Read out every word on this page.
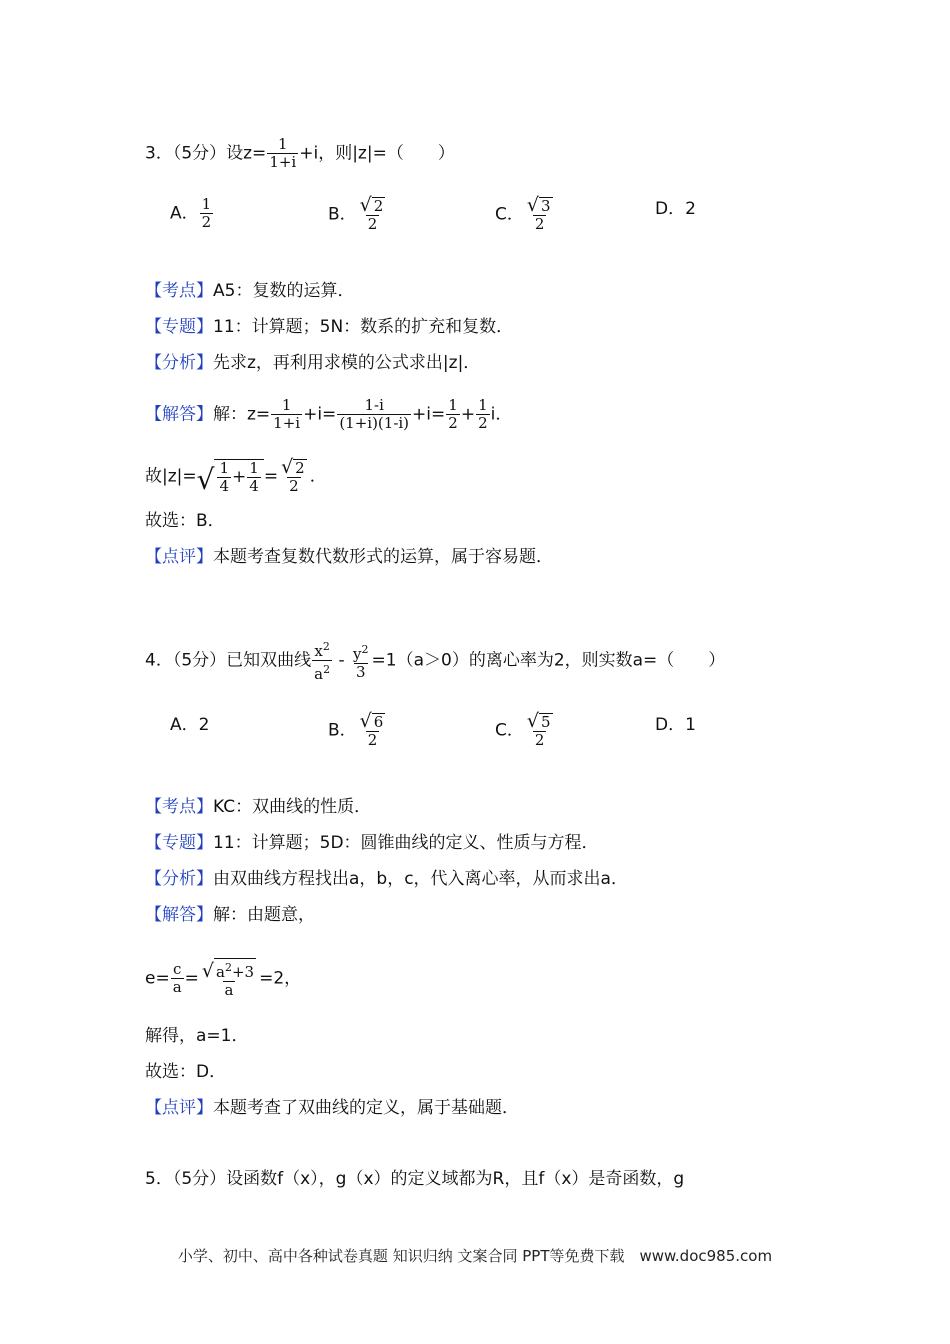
3．（5分）设$z= \frac{1}{1+i} +i$，则|z|=（　　）
A． $\frac{1}{2}$	B． $\frac{√ 2}{2}$	C． $\frac{√ 3}{2}$	D．2
【考点】A5：复数的运算．
【专题】11：计算题；5N：数系的扩充和复数．
【分析】先求z，再利用求模的公式求出|z|．
【解答】解：$z= \frac{1}{1+i} +i= \frac{1-i}{(1+i)(1-i)} +i= \frac{1}{2} + \frac{1}{2}$ i．
故|z|= √ $\frac{1}{4} + \frac{1}{4} = \frac{√ 2}{2}$ ．
故选：B．
【点评】本题考查复数代数形式的运算，属于容易题．
4．（5分）已知双曲线 $\frac{x^2}{a^2} - \frac{y^2}{3} =1(a>0)$的离心率为2，则实数a=（　　）
A．2	B． $\frac{√ 6}{2}$	C． $\frac{√ 5}{2}$	D．1
【考点】KC：双曲线的性质．
【专题】11：计算题；5D：圆锥曲线的定义、性质与方程．
【分析】由双曲线方程找出a，b，c，代入离心率，从而求出a．
【解答】解：由题意，
$e= \frac{c}{a} = \frac{√ a^2+3}{a} =2$，
解得，a=1．
故选：D．
【点评】本题考查了双曲线的定义，属于基础题．
5．（5分）设函数f（x），g（x）的定义域都为R，且f（x）是奇函数，g
小学、初中、高中各种试卷真题 知识归纳 文案合同 PPT等免费下载　www.doc985.com
